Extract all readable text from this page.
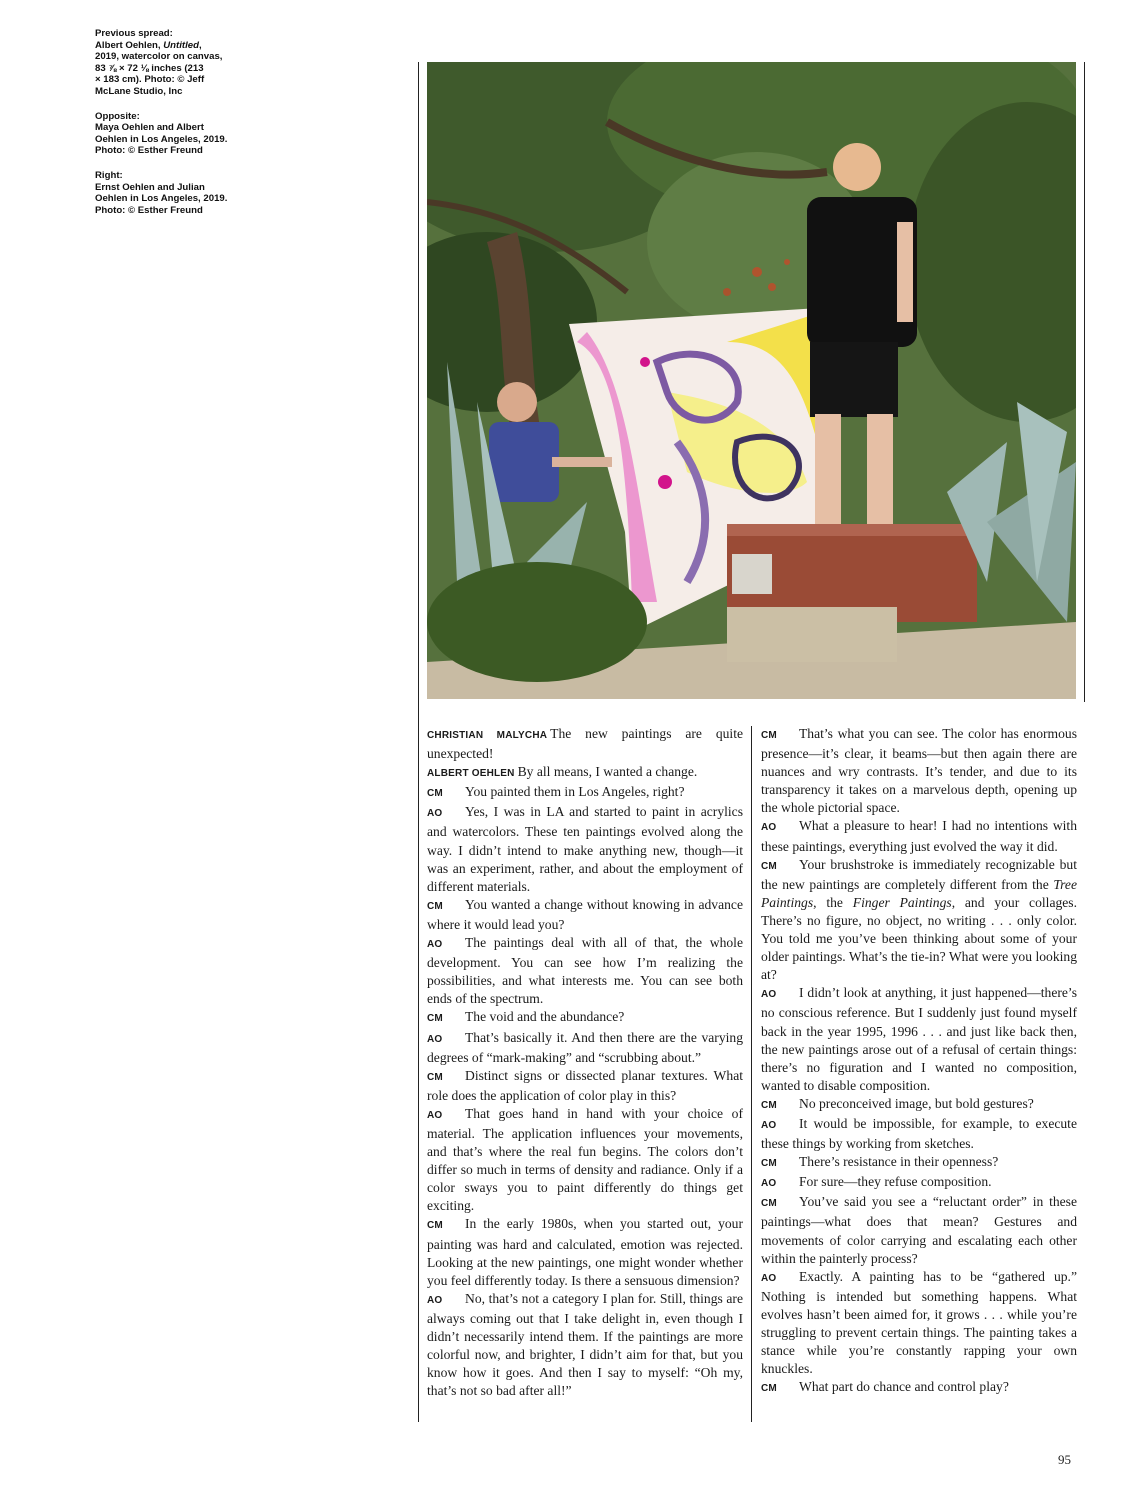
Previous spread:
Albert Oehlen, Untitled,
2019, watercolor on canvas,
83 ⅞ × 72 ⅛ inches (213
× 183 cm). Photo: © Jeff
McLane Studio, Inc

Opposite:
Maya Oehlen and Albert
Oehlen in Los Angeles, 2019.
Photo: © Esther Freund

Right:
Ernst Oehlen and Julian
Oehlen in Los Angeles, 2019.
Photo: © Esther Freund

CHRISTIAN MALYCHA The new paintings are quite unexpected!

ALBERT OEHLEN By all means, I wanted a change.

CM You painted them in Los Angeles, right?

AO Yes, I was in LA and started to paint in acrylics and watercolors. These ten paintings evolved along the way. I didn’t intend to make anything new, though—it was an experiment, rather, and about the employment of different materials.

CM You wanted a change without knowing in advance where it would lead you?

AO The paintings deal with all of that, the whole development. You can see how I’m realizing the possibilities, and what interests me. You can see both ends of the spectrum.

CM The void and the abundance?

AO That’s basically it. And then there are the varying degrees of “mark-making” and “scrubbing about.”

CM Distinct signs or dissected planar textures. What role does the application of color play in this?

AO That goes hand in hand with your choice of material. The application influences your movements, and that’s where the real fun begins. The colors don’t differ so much in terms of density and radiance. Only if a color sways you to paint differently do things get exciting.

CM In the early 1980s, when you started out, your painting was hard and calculated, emotion was rejected. Looking at the new paintings, one might wonder whether you feel differently today. Is there a sensuous dimension?

AO No, that’s not a category I plan for. Still, things are always coming out that I take delight in, even though I didn’t necessarily intend them. If the paintings are more colorful now, and brighter, I didn’t aim for that, but you know how it goes. And then I say to myself: “Oh my, that’s not so bad after all!”

CM That’s what you can see. The color has enormous presence—it’s clear, it beams—but then again there are nuances and wry contrasts. It’s tender, and due to its transparency it takes on a marvelous depth, opening up the whole pictorial space.

AO What a pleasure to hear! I had no intentions with these paintings, everything just evolved the way it did.

CM Your brushstroke is immediately recognizable but the new paintings are completely different from the Tree Paintings, the Finger Paintings, and your collages. There’s no figure, no object, no writing . . . only color. You told me you’ve been thinking about some of your older paintings. What’s the tie-in? What were you looking at?

AO I didn’t look at anything, it just happened—there’s no conscious reference. But I suddenly just found myself back in the year 1995, 1996 . . . and just like back then, the new paintings arose out of a refusal of certain things: there’s no figuration and I wanted no composition, wanted to disable composition.

CM No preconceived image, but bold gestures?

AO It would be impossible, for example, to execute these things by working from sketches.

CM There’s resistance in their openness?

AO For sure—they refuse composition.

CM You’ve said you see a “reluctant order” in these paintings—what does that mean? Gestures and movements of color carrying and escalating each other within the painterly process?

AO Exactly. A painting has to be “gathered up.” Nothing is intended but something happens. What evolves hasn’t been aimed for, it grows . . . while you’re struggling to prevent certain things. The painting takes a stance while you’re constantly rapping your own knuckles.

CM What part do chance and control play?

95
